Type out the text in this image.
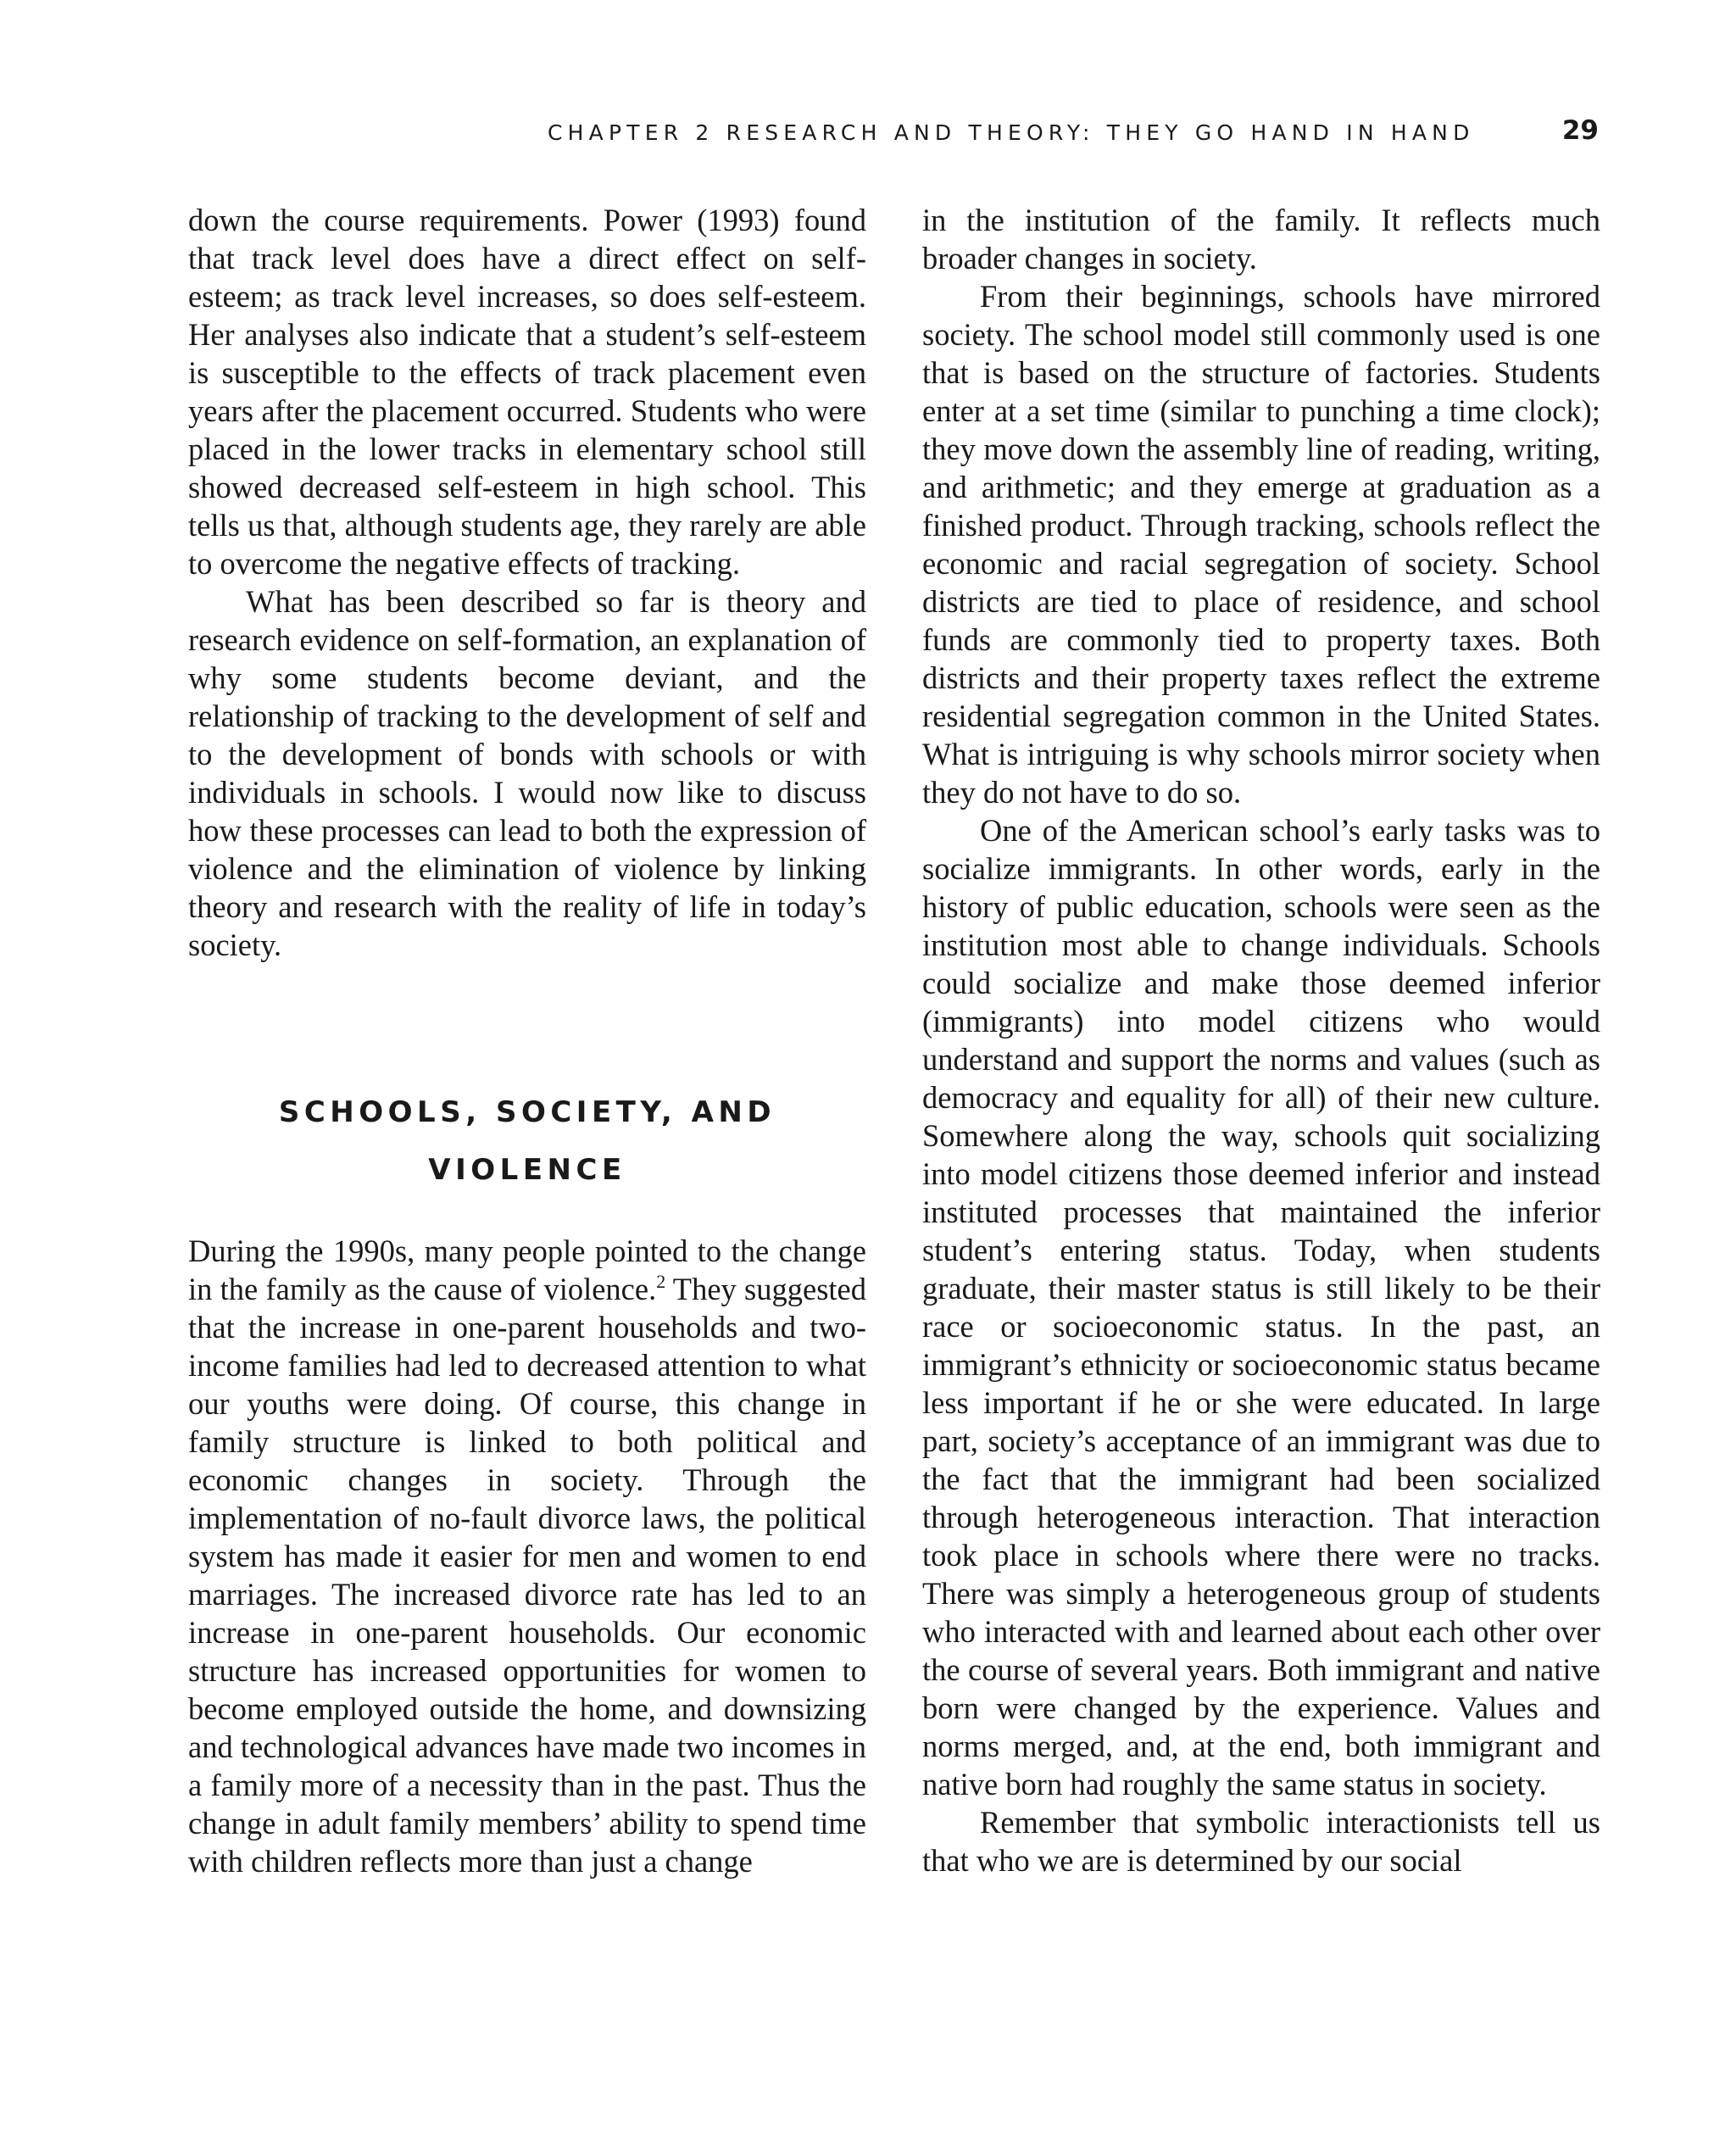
CHAPTER 2 RESEARCH AND THEORY: THEY GO HAND IN HAND	29

down the course requirements. Power (1993) found that track level does have a direct effect on self-esteem; as track level increases, so does self-esteem. Her analyses also indicate that a student’s self-esteem is susceptible to the effects of track placement even years after the placement occurred. Students who were placed in the lower tracks in elementary school still showed decreased self-esteem in high school. This tells us that, although students age, they rarely are able to overcome the negative effects of tracking.

What has been described so far is theory and research evidence on self-formation, an explanation of why some students become deviant, and the relationship of tracking to the development of self and to the development of bonds with schools or with individuals in schools. I would now like to discuss how these processes can lead to both the expression of violence and the elimination of violence by linking theory and research with the reality of life in today’s society.

SCHOOLS, SOCIETY, AND
VIOLENCE

During the 1990s, many people pointed to the change in the family as the cause of violence.$^2$ They suggested that the increase in one-parent households and two-income families had led to decreased attention to what our youths were doing. Of course, this change in family structure is linked to both political and economic changes in society. Through the implementation of no-fault divorce laws, the political system has made it easier for men and women to end marriages. The increased divorce rate has led to an increase in one-parent households. Our economic structure has increased opportunities for women to become employed outside the home, and downsizing and technological advances have made two incomes in a family more of a necessity than in the past. Thus the change in adult family members’ ability to spend time with children reflects more than just a change

in the institution of the family. It reflects much broader changes in society.

From their beginnings, schools have mirrored society. The school model still commonly used is one that is based on the structure of factories. Students enter at a set time (similar to punching a time clock); they move down the assembly line of reading, writing, and arithmetic; and they emerge at graduation as a finished product. Through tracking, schools reflect the economic and racial segregation of society. School districts are tied to place of residence, and school funds are commonly tied to property taxes. Both districts and their property taxes reflect the extreme residential segregation common in the United States. What is intriguing is why schools mirror society when they do not have to do so.

One of the American school’s early tasks was to socialize immigrants. In other words, early in the history of public education, schools were seen as the institution most able to change individuals. Schools could socialize and make those deemed inferior (immigrants) into model citizens who would understand and support the norms and values (such as democracy and equality for all) of their new culture. Somewhere along the way, schools quit socializing into model citizens those deemed inferior and instead instituted processes that maintained the inferior student’s entering status. Today, when students graduate, their master status is still likely to be their race or socioeconomic status. In the past, an immigrant’s ethnicity or socioeconomic status became less important if he or she were educated. In large part, society’s acceptance of an immigrant was due to the fact that the immigrant had been socialized through heterogeneous interaction. That interaction took place in schools where there were no tracks. There was simply a heterogeneous group of students who interacted with and learned about each other over the course of several years. Both immigrant and native born were changed by the experience. Values and norms merged, and, at the end, both immigrant and native born had roughly the same status in society.

Remember that symbolic interactionists tell us that who we are is determined by our social
